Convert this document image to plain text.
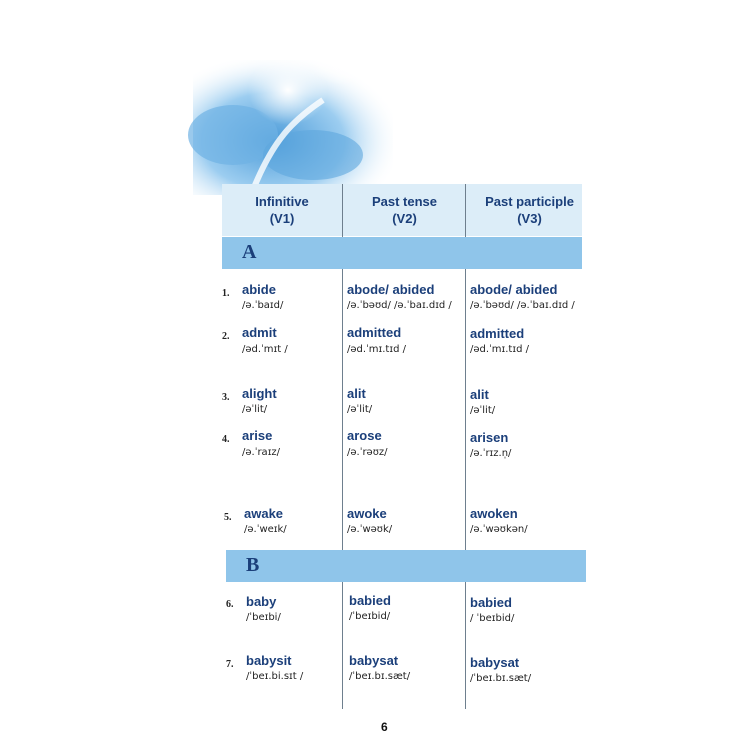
Infinitive
(V1)
Past tense
(V2)
Past participle
(V3)
A
1. abide
/ə.ˈbaɪd/
abode/ abided
/ə.ˈbəʊd/ /ə.ˈbaɪ.dɪd /
abode/ abided
/ə.ˈbəʊd/ /ə.ˈbaɪ.dɪd /
2. admit
/əd.ˈmɪt /
admitted
/əd.ˈmɪ.tɪd /
admitted
/əd.ˈmɪ.tɪd /
3. alight
/əˈlit/
alit
/əˈlit/
alit
/əˈlit/
4. arise
/ə.ˈraɪz/
arose
/ə.ˈrəʊz/
arisen
/ə.ˈrɪz.n̩/
5. awake
/ə.ˈweɪk/
awoke
/ə.ˈwəʊk/
awoken
/ə.ˈwəʊkən/
B
6. baby
/ˈbeɪbi/
babied
/ˈbeɪbid/
babied
/ ˈbeɪbid/
7. babysit
/ˈbeɪ.bi.sɪt /
babysat
/ˈbeɪ.bɪ.sæt/
babysat
/ˈbeɪ.bɪ.sæt/
6
